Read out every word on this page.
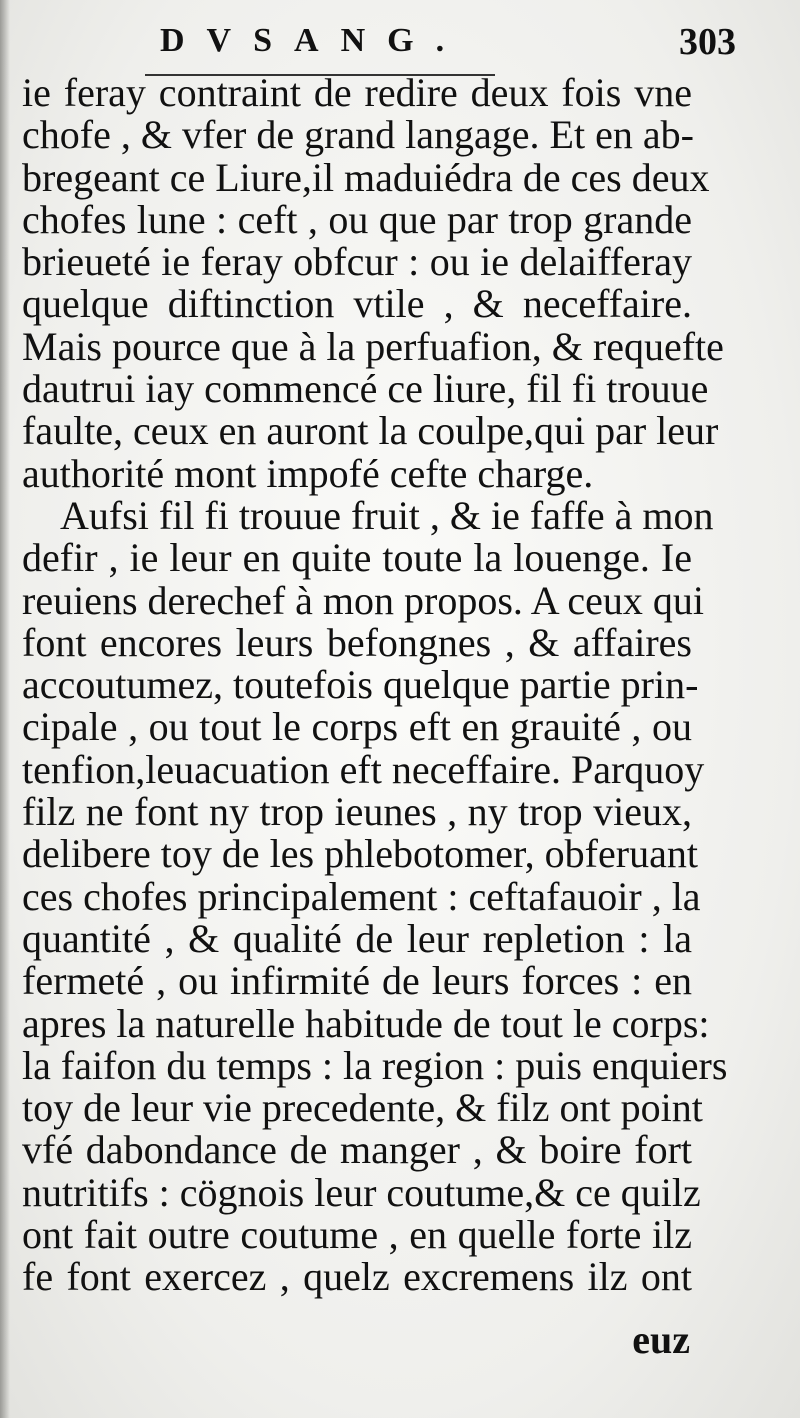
DVSANG.	303
ie feray contraint de redire deux fois vne
chofe , & vfer de grand langage. Et en ab-
bregeant ce Liure,il maduiédra de ces deux
chofes lune : ceft , ou que par trop grande
brieueté ie feray obfcur : ou ie delaifferay
quelque diftinction vtile , & neceffaire.
Mais pource que à la perfuafion, & requefte
dautrui iay commencé ce liure, fil fi trouue
faulte, ceux en auront la coulpe,qui par leur
authorité mont impofé cefte charge.
Aufsi fil fi trouue fruit , & ie faffe à mon
defir , ie leur en quite toute la louenge. Ie
reuiens derechef à mon propos. A ceux qui
font encores leurs befongnes , & affaires
accoutumez, toutefois quelque partie prin-
cipale , ou tout le corps eft en grauité , ou
tenfion,leuacuation eft neceffaire. Parquoy
filz ne font ny trop ieunes , ny trop vieux,
delibere toy de les phlebotomer, obferuant
ces chofes principalement : ceftafauoir , la
quantité , & qualité de leur repletion : la
fermeté , ou infirmité de leurs forces : en
apres la naturelle habitude de tout le corps:
la faifon du temps : la region : puis enquiers
toy de leur vie precedente, & filz ont point
vfé dabondance de manger , & boire fort
nutritifs : cögnois leur coutume,& ce quilz
ont fait outre coutume , en quelle forte ilz
fe font exercez , quelz excremens ilz ont
euz
